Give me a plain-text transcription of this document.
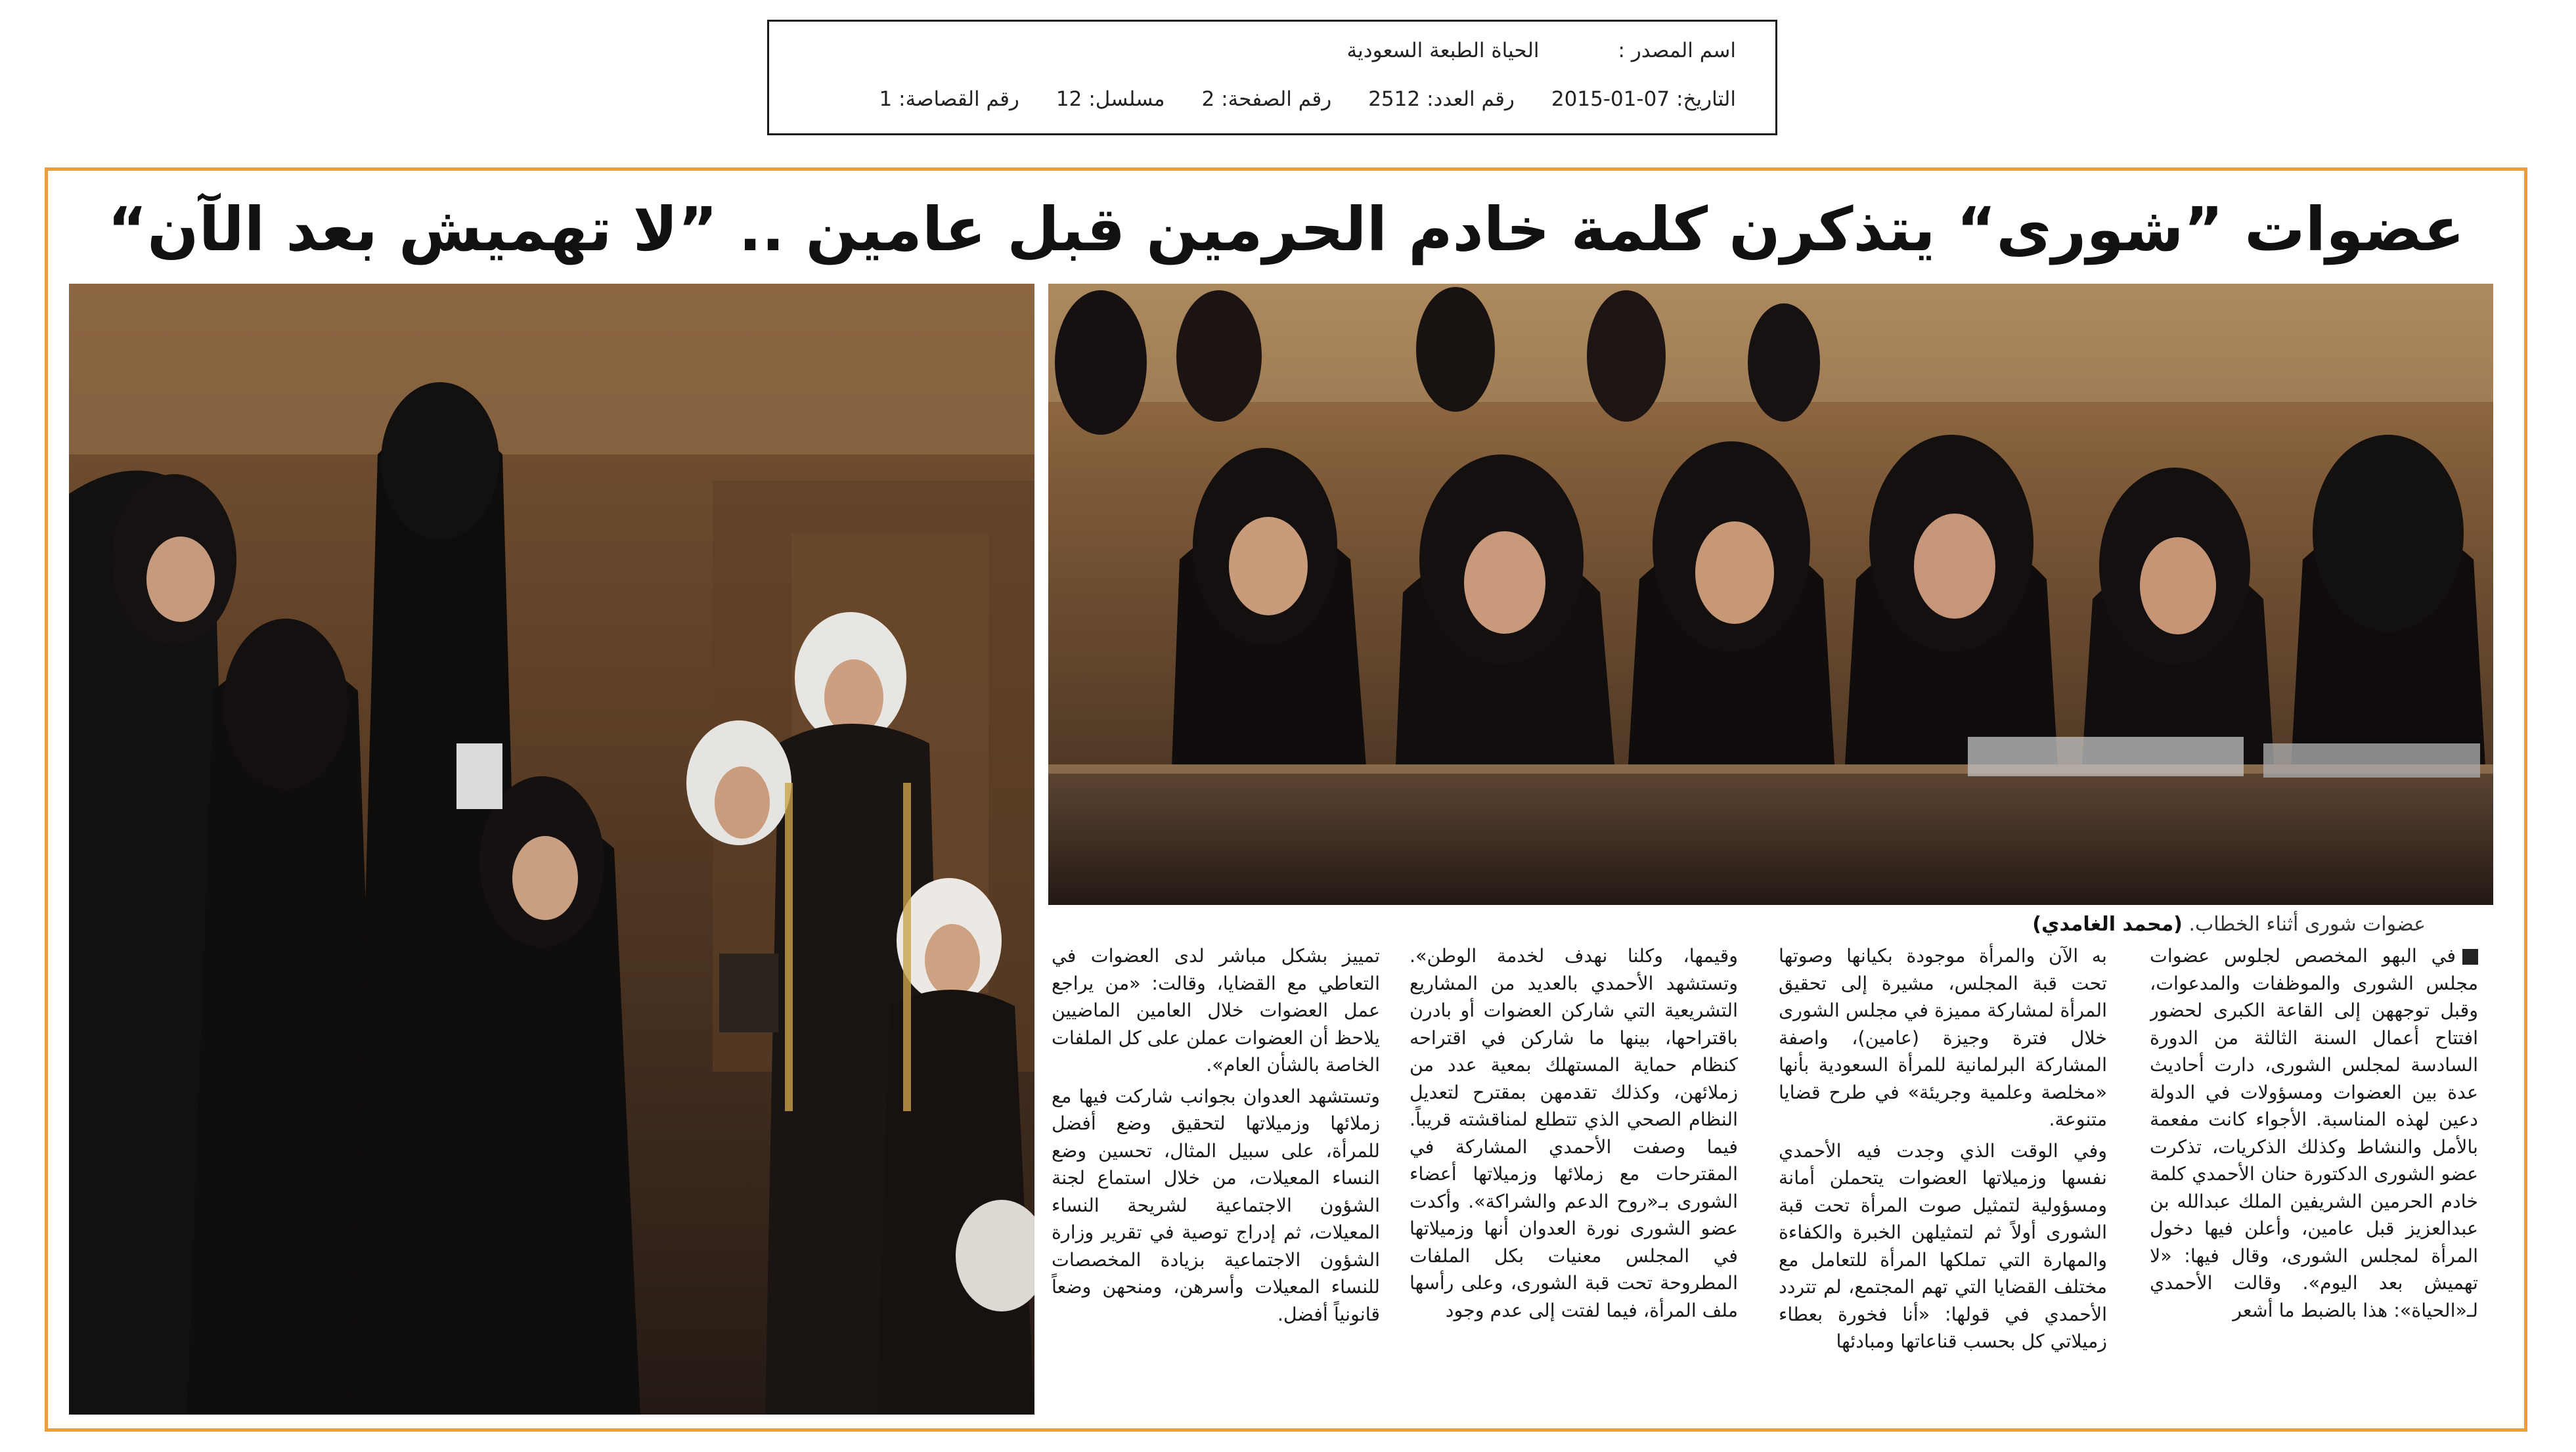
اسم المصدر :
الحياة الطبعة السعودية
التاريخ:
2015-01-07
رقم العدد:
2512
رقم الصفحة:
2
مسلسل:
12
رقم القصاصة:
1
عضوات ”شورى“ يتذكرن كلمة خادم الحرمين قبل عامين .. ”لا تهميش بعد الآن“
عضوات شورى أثناء الخطاب. (محمد الغامدي)

في البهو المخصص لجلوس عضوات مجلس الشورى والموظفات والمدعوات، وقبل توجههن إلى القاعة الكبرى لحضور افتتاح أعمال السنة الثالثة من الدورة السادسة لمجلس الشورى، دارت أحاديث عدة بين العضوات ومسؤولات في الدولة دعين لهذه المناسبة. الأجواء كانت مفعمة بالأمل والنشاط وكذلك الذكريات، تذكرت عضو الشورى الدكتورة حنان الأحمدي كلمة خادم الحرمين الشريفين الملك عبدالله بن عبدالعزيز قبل عامين، وأعلن فيها دخول المرأة لمجلس الشورى، وقال فيها: «لا تهميش بعد اليوم». وقالت الأحمدي لـ«الحياة»: هذا بالضبط ما أشعر

به الآن والمرأة موجودة بكيانها وصوتها تحت قبة المجلس، مشيرة إلى تحقيق المرأة لمشاركة مميزة في مجلس الشورى خلال فترة وجيزة (عامين)، واصفة المشاركة البرلمانية للمرأة السعودية بأنها «مخلصة وعلمية وجريئة» في طرح قضايا متنوعة.

وفي الوقت الذي وجدت فيه الأحمدي نفسها وزميلاتها العضوات يتحملن أمانة ومسؤولية لتمثيل صوت المرأة تحت قبة الشورى أولاً ثم لتمثيلهن الخبرة والكفاءة والمهارة التي تملكها المرأة للتعامل مع مختلف القضايا التي تهم المجتمع، لم تتردد الأحمدي في قولها: «أنا فخورة بعطاء زميلاتي كل بحسب قناعاتها ومبادئها

وقيمها، وكلنا نهدف لخدمة الوطن». وتستشهد الأحمدي بالعديد من المشاريع التشريعية التي شاركن العضوات أو بادرن باقتراحها، بينها ما شاركن في اقتراحه كنظام حماية المستهلك بمعية عدد من زملائهن، وكذلك تقدمهن بمقترح لتعديل النظام الصحي الذي تتطلع لمناقشته قريباً. فيما وصفت الأحمدي المشاركة في المقترحات مع زملائها وزميلاتها أعضاء الشورى بـ«روح الدعم والشراكة». وأكدت عضو الشورى نورة العدوان أنها وزميلاتها في المجلس معنيات بكل الملفات المطروحة تحت قبة الشورى، وعلى رأسها ملف المرأة، فيما لفتت إلى عدم وجود

تمييز بشكل مباشر لدى العضوات في التعاطي مع القضايا، وقالت: «من يراجع عمل العضوات خلال العامين الماضيين يلاحظ أن العضوات عملن على كل الملفات الخاصة بالشأن العام».

وتستشهد العدوان بجوانب شاركت فيها مع زملائها وزميلاتها لتحقيق وضع أفضل للمرأة، على سبيل المثال، تحسين وضع النساء المعيلات، من خلال استماع لجنة الشؤون الاجتماعية لشريحة النساء المعيلات، ثم إدراج توصية في تقرير وزارة الشؤون الاجتماعية بزيادة المخصصات للنساء المعيلات وأسرهن، ومنحهن وضعاً قانونياً أفضل.
